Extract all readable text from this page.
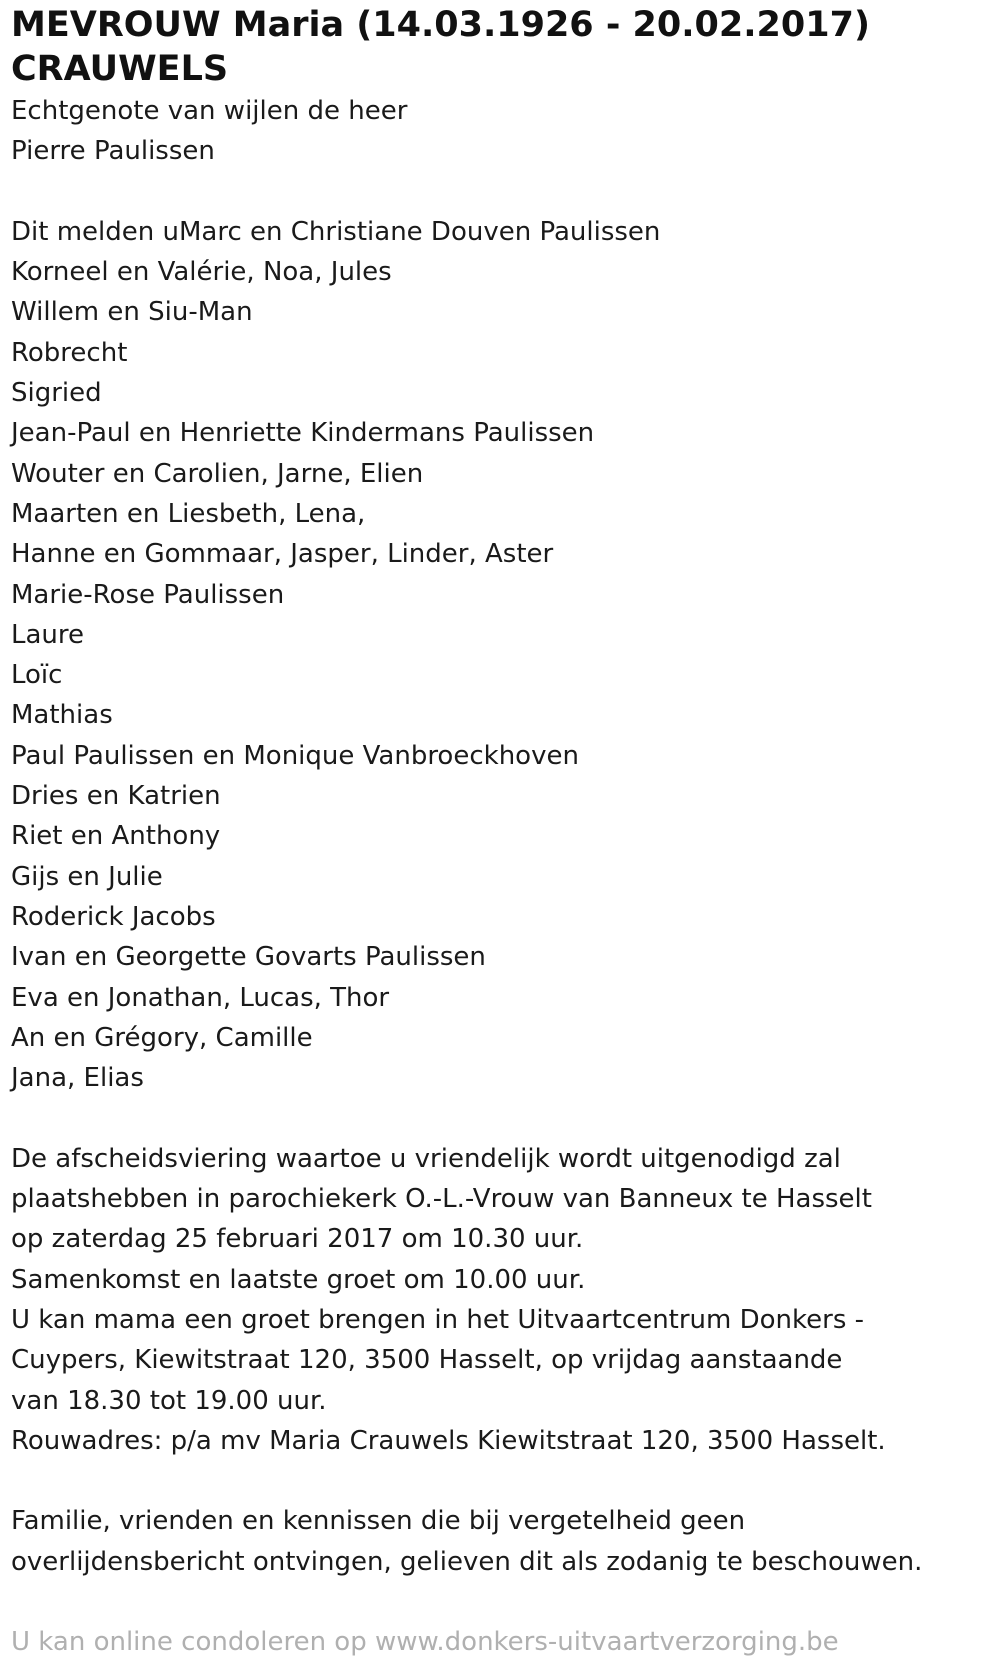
MEVROUW Maria (14.03.1926 - 20.02.2017)
CRAUWELS
Echtgenote van wijlen de heer
Pierre Paulissen
Dit melden uMarc en Christiane Douven Paulissen
Korneel en Valérie, Noa, Jules
Willem en Siu-Man
Robrecht
Sigried
Jean-Paul en Henriette Kindermans Paulissen
Wouter en Carolien, Jarne, Elien
Maarten en Liesbeth, Lena,
Hanne en Gommaar, Jasper, Linder, Aster
Marie-Rose Paulissen
Laure
Loïc
Mathias
Paul Paulissen en Monique Vanbroeckhoven
Dries en Katrien
Riet en Anthony
Gijs en Julie
Roderick Jacobs
Ivan en Georgette Govarts Paulissen
Eva en Jonathan, Lucas, Thor
An en Grégory, Camille
Jana, Elias
De afscheidsviering waartoe u vriendelijk wordt uitgenodigd zal
plaatshebben in parochiekerk O.-L.-Vrouw van Banneux te Hasselt
op zaterdag 25 februari 2017 om 10.30 uur.
Samenkomst en laatste groet om 10.00 uur.
U kan mama een groet brengen in het Uitvaartcentrum Donkers -
Cuypers, Kiewitstraat 120, 3500 Hasselt, op vrijdag aanstaande
van 18.30 tot 19.00 uur.
Rouwadres: p/a mv Maria Crauwels Kiewitstraat 120, 3500 Hasselt.
Familie, vrienden en kennissen die bij vergetelheid geen
overlijdensbericht ontvingen, gelieven dit als zodanig te beschouwen.
U kan online condoleren op www.donkers-uitvaartverzorging.be
